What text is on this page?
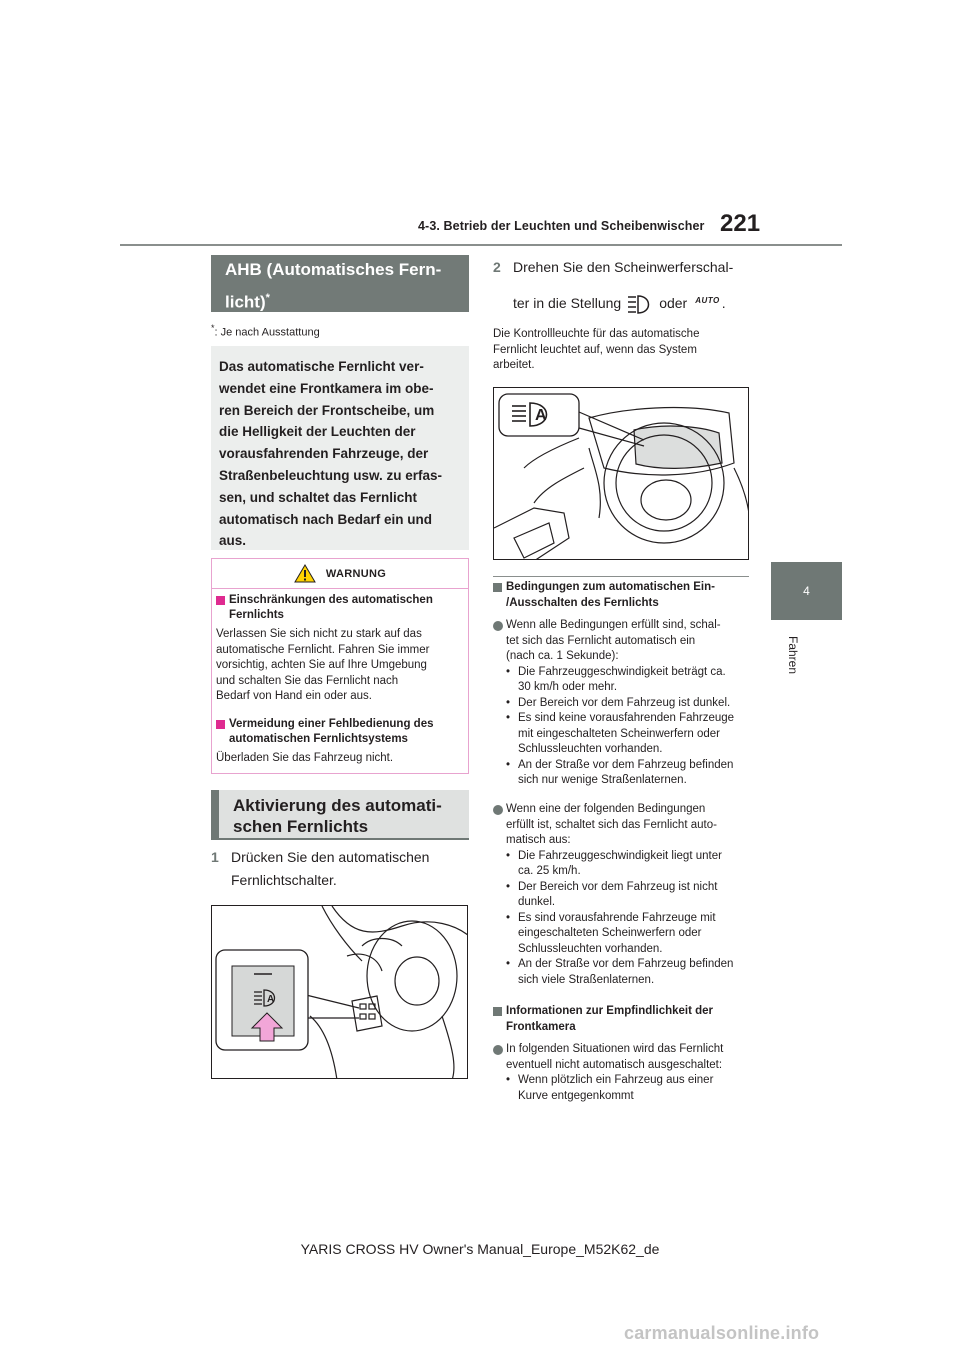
4-3. Betrieb der Leuchten und Scheibenwischer 221
4
Fahren
AHB (Automatisches Fern-
licht)*
*: Je nach Ausstattung
Das automatische Fernlicht ver-
wendet eine Frontkamera im obe-
ren Bereich der Frontscheibe, um
die Helligkeit der Leuchten der
vorausfahrenden Fahrzeuge, der
Straßenbeleuchtung usw. zu erfas-
sen, und schaltet das Fernlicht
automatisch nach Bedarf ein und
aus.
WARNUNG
Einschränkungen des automatischen
Fernlichts
Verlassen Sie sich nicht zu stark auf das
automatische Fernlicht. Fahren Sie immer
vorsichtig, achten Sie auf Ihre Umgebung
und schalten Sie das Fernlicht nach
Bedarf von Hand ein oder aus.
Vermeidung einer Fehlbedienung des
automatischen Fernlichtsystems
Überladen Sie das Fahrzeug nicht.
Aktivierung des automati-
schen Fernlichts
1 Drücken Sie den automatischen
Fernlichtschalter.
A
2 Drehen Sie den Scheinwerferschal-
ter in die Stellung	oder AUTO .
Die Kontrollleuchte für das automatische
Fernlicht leuchtet auf, wenn das System
arbeitet.
A
Bedingungen zum automatischen Ein-
/Ausschalten des Fernlichts
Wenn alle Bedingungen erfüllt sind, schal-
tet sich das Fernlicht automatisch ein
(nach ca. 1 Sekunde):
• Die Fahrzeuggeschwindigkeit beträgt ca.
30 km/h oder mehr.
• Der Bereich vor dem Fahrzeug ist dunkel.
• Es sind keine vorausfahrenden Fahrzeuge
mit eingeschalteten Scheinwerfern oder
Schlussleuchten vorhanden.
• An der Straße vor dem Fahrzeug befinden
sich nur wenige Straßenlaternen.
Wenn eine der folgenden Bedingungen
erfüllt ist, schaltet sich das Fernlicht auto-
matisch aus:
• Die Fahrzeuggeschwindigkeit liegt unter
ca. 25 km/h.
• Der Bereich vor dem Fahrzeug ist nicht
dunkel.
• Es sind vorausfahrende Fahrzeuge mit
eingeschalteten Scheinwerfern oder
Schlussleuchten vorhanden.
• An der Straße vor dem Fahrzeug befinden
sich viele Straßenlaternen.
Informationen zur Empfindlichkeit der
Frontkamera
In folgenden Situationen wird das Fernlicht
eventuell nicht automatisch ausgeschaltet:
• Wenn plötzlich ein Fahrzeug aus einer
Kurve entgegenkommt
YARIS CROSS HV Owner's Manual_Europe_M52K62_de
carmanualsonline.info
